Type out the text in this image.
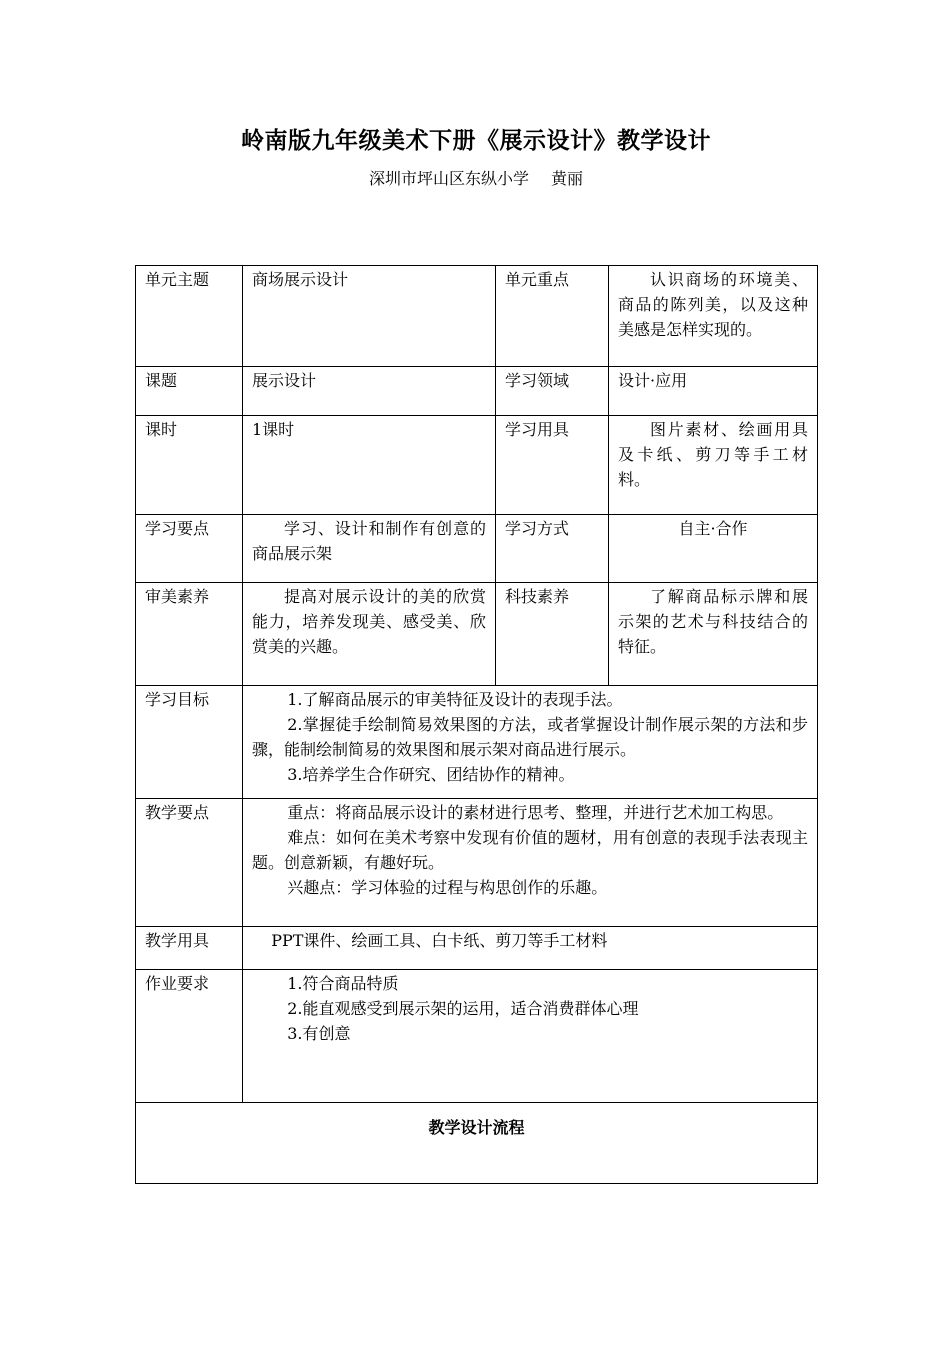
岭南版九年级美术下册《展示设计》教学设计
深圳市坪山区东纵小学 黄丽
单元主题	商场展示设计	单元重点	认识商场的环境美、商品的陈列美，以及这种美感是怎样实现的。
课题	展示设计	学习领域	设计·应用
课时	1课时	学习用具	图片素材、绘画用具及卡纸、剪刀等手工材料。
学习要点	学习、设计和制作有创意的商品展示架	学习方式	自主·合作
审美素养	提高对展示设计的美的欣赏能力，培养发现美、感受美、欣赏美的兴趣。	科技素养	了解商品标示牌和展示架的艺术与科技结合的特征。
学习目标	1.了解商品展示的审美特征及设计的表现手法。
2.掌握徒手绘制简易效果图的方法，或者掌握设计制作展示架的方法和步骤，能制绘制简易的效果图和展示架对商品进行展示。
3.培养学生合作研究、团结协作的精神。		

教学要点	重点：将商品展示设计的素材进行思考、整理，并进行艺术加工构思。
难点：如何在美术考察中发现有价值的题材，用有创意的表现手法表现主题。创意新颖，有趣好玩。
兴趣点：学习体验的过程与构思创作的乐趣。		

教学用具	PPT课件、绘画工具、白卡纸、剪刀等手工材料		
作业要求	1.符合商品特质
2.能直观感受到展示架的运用，适合消费群体心理
3.有创意		

教学设计流程			
